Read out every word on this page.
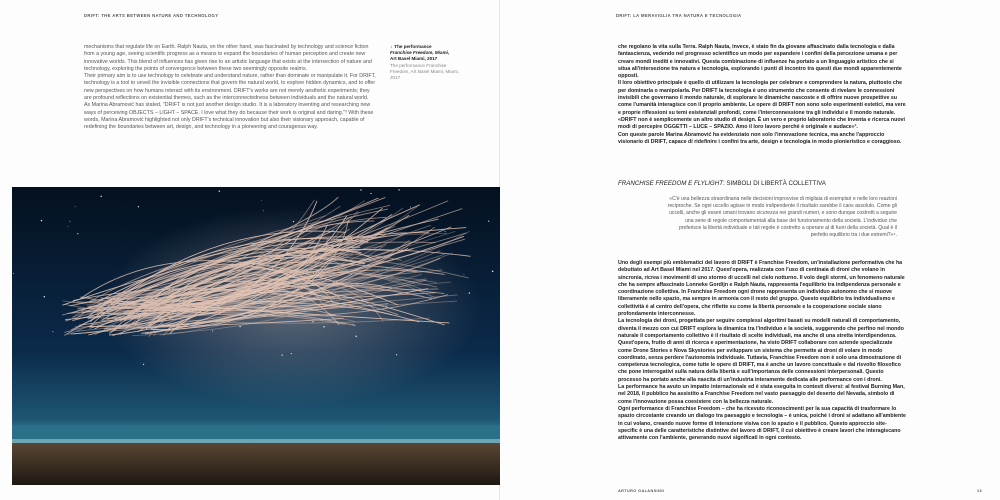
DRIFT: THE ARTS BETWEEN NATURE AND TECHNOLOGY

mechanisms that regulate life on Earth. Ralph Nauta, on the other hand, was fascinated by technology and science fiction from a young age, seeing scientific progress as a means to expand the boundaries of human perception and create new innovative worlds. This blend of influences has given rise to an artistic language that exists at the intersection of nature and technology, exploring the points of convergence between these two seemingly opposite realms.

Their primary aim is to use technology to celebrate and understand nature, rather than dominate or manipulate it. For DRIFT, technology is a tool to unveil the invisible connections that govern the natural world, to explore hidden dynamics, and to offer new perspectives on how humans interact with its environment. DRIFT's works are not merely aesthetic experiments; they are profound reflections on existential themes, such as the interconnectedness between individuals and the natural world.

As Marina Abramović has stated, "DRIFT is not just another design studio. It is a laboratory inventing and researching new ways of perceiving OBJECTS – LIGHT – SPACE. I love what they do because their work is original and daring."³ With these words, Marina Abramović highlighted not only DRIFT's technical innovation but also their visionary approach, capable of redefining the boundaries between art, design, and technology in a pioneering and courageous way.

↓ The performance
Franchise Freedom, Miami,
Art Basel Miami, 2017
The performance Franchise Freedom, Art Basel Miami, Miami, 2017
DRIFT: LA MERAVIGLIA TRA NATURA E TECNOLOGIA

che regolano la vita sulla Terra. Ralph Nauta, invece, è stato fin da giovane affascinato dalla tecnologia e dalla fantascienza, vedendo nel progresso scientifico un modo per espandere i confini della percezione umana e per creare mondi inediti e innovativi. Questa combinazione di influenze ha portato a un linguaggio artistico che si situa all'intersezione tra natura e tecnologia, esplorando i punti di incontro tra questi due mondi apparentemente opposti.

Il loro obiettivo principale è quello di utilizzare la tecnologia per celebrare e comprendere la natura, piuttosto che per dominarla o manipolarla. Per DRIFT la tecnologia è uno strumento che consente di rivelare le connessioni invisibili che governano il mondo naturale, di esplorare le dinamiche nascoste e di offrire nuove prospettive su come l'umanità interagisce con il proprio ambiente. Le opere di DRIFT non sono solo esperimenti estetici, ma vere e proprie riflessioni su temi esistenziali profondi, come l'interconnessione tra gli individui e il mondo naturale.

«DRIFT non è semplicemente un altro studio di design. È un vero e proprio laboratorio che inventa e ricerca nuovi modi di percepire OGGETTI – LUCE – SPAZIO. Amo il loro lavoro perché è originale e audace»³.

Con queste parole Marina Abramović ha evidenziato non solo l'innovazione tecnica, ma anche l'approccio visionario di DRIFT, capace di ridefinire i confini tra arte, design e tecnologia in modo pionieristico e coraggioso.

FRANCHISE FREEDOM E FLYLIGHT: SIMBOLI DI LIBERTÀ COLLETTIVA
«C'è una bellezza straordinaria nelle decisioni improvvise di migliaia di esemplari e nelle loro reazioni reciproche. Se ogni uccello agisse in modo indipendente il risultato sarebbe il caos assoluto. Come gli uccelli, anche gli esseri umani trovano sicurezza nei grandi numeri, e sono dunque costretti a seguire una serie di regole comportamentali alla base del funzionamento della società. L'individuo che preferisce la libertà individuale e tali regole è costretto a operare al di fuori della società. Qual è il perfetto equilibrio tra i due estremi?»⁴.

Uno degli esempi più emblematici del lavoro di DRIFT è Franchise Freedom, un'installazione performativa che ha debuttato ad Art Basel Miami nel 2017. Quest'opera, realizzata con l'uso di centinaia di droni che volano in sincronia, ricrea i movimenti di uno stormo di uccelli nel cielo notturno. Il volo degli stormi, un fenomeno naturale che ha sempre affascinato Lonneke Gordijn e Ralph Nauta, rappresenta l'equilibrio tra indipendenza personale e coordinazione collettiva. In Franchise Freedom ogni drone rappresenta un individuo autonomo che si muove liberamente nello spazio, ma sempre in armonia con il resto del gruppo. Questo equilibrio tra individualismo e collettività è al centro dell'opera, che riflette su come la libertà personale e la cooperazione sociale siano profondamente interconnesse.

La tecnologia dei droni, progettata per seguire complessi algoritmi basati su modelli naturali di comportamento, diventa il mezzo con cui DRIFT esplora la dinamica tra l'individuo e la società, suggerendo che perfino nel mondo naturale il comportamento collettivo è il risultato di scelte individuali, ma anche di una stretta interdipendenza. Quest'opera, frutto di anni di ricerca e sperimentazione, ha visto DRIFT collaborare con aziende specializzate come Drone Stories e Nova Skystories per sviluppare un sistema che permette ai droni di volare in modo coordinato, senza perdere l'autonomia individuale. Tuttavia, Franchise Freedom non è solo una dimostrazione di competenza tecnologica, come tutte le opere di DRIFT, ma è anche un lavoro concettuale e dal risvolto filosofico che pone interrogativi sulla natura della libertà e sull'importanza delle connessioni interpersonali. Questo processo ha portato anche alla nascita di un'industria interamente dedicata alle performance con i droni.

La performance ha avuto un impatto internazionale ed è stata eseguita in contesti diversi: al festival Burning Man, nel 2018, il pubblico ha assistito a Franchise Freedom nel vasto paesaggio del deserto del Nevada, simbolo di come l'innovazione possa coesistere con la bellezza naturale.

Ogni performance di Franchise Freedom – che ha ricevuto riconoscimenti per la sua capacità di trasformare lo spazio circostante creando un dialogo tra paesaggio e tecnologia – è unica, poiché i droni si adattano all'ambiente in cui volano, creando nuove forme di interazione visiva con lo spazio e il pubblico. Questo approccio site-specific è una delle caratteristiche distintive del lavoro di DRIFT, il cui obiettivo è creare lavori che interagiscano attivamente con l'ambiente, generando nuovi significati in ogni contesto.

ARTURO GALANSINO	13
